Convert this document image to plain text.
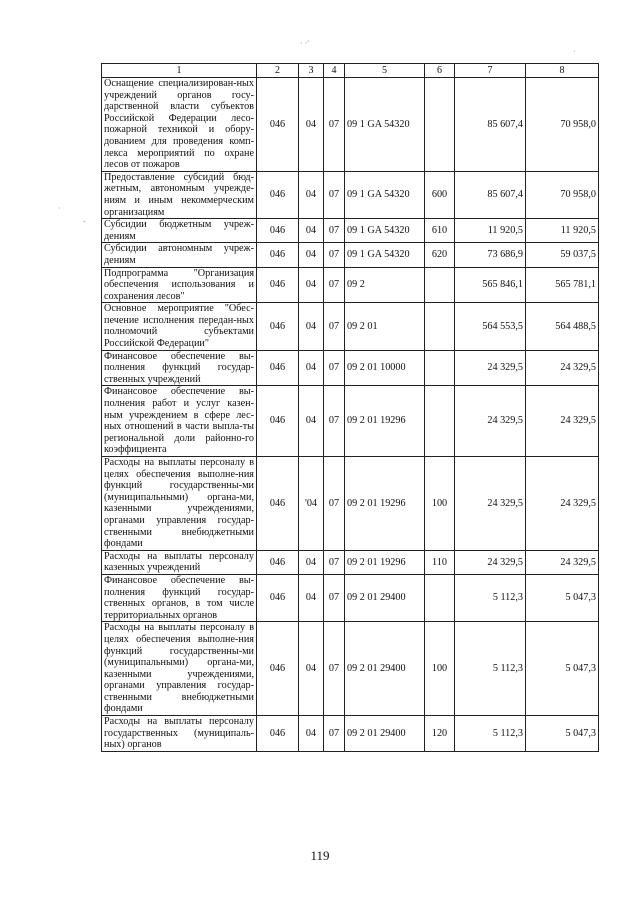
· ·'
·
·
-
1	2	3	4	5	6	7	8
Оснащение специализирован-ных учреждений органов госу-дарственной власти субъектов Российской Федерации лесо-пожарной техникой и обору-дованием для проведения комп-лекса мероприятий по охране лесов от пожаров	046	04	07	09 1 GA 54320		85 607,4	70 958,0
Предоставление субсидий бюд-жетным, автономным учрежде-ниям и иным некоммерческим организациям	046	04	07	09 1 GA 54320	600	85 607,4	70 958,0
Субсидии бюджетным учреж-дениям	046	04	07	09 1 GA 54320	610	11 920,5	11 920,5
Субсидии автономным учреж-дениям	046	04	07	09 1 GA 54320	620	73 686,9	59 037,5
Подпрограмма "Организация обеспечения использования и сохранения лесов"	046	04	07	09 2		565 846,1	565 781,1
Основное мероприятие "Обес-печение исполнения передан-ных полномочий субъектами Российской Федерации"	046	04	07	09 2 01		564 553,5	564 488,5
Финансовое обеспечение вы-полнения функций государ-ственных учреждений	046	04	07	09 2 01 10000		24 329,5	24 329,5
Финансовое обеспечение вы-полнения работ и услуг казен-ным учреждением в сфере лес-ных отношений в части выпла-ты региональной доли районно-го коэффициента	046	04	07	09 2 01 19296		24 329,5	24 329,5
Расходы на выплаты персоналу в целях обеспечения выполне-ния функций государственны-ми (муниципальными) органа-ми, казенными учреждениями, органами управления государ-ственными внебюджетными фондами	046	'04	07	09 2 01 19296	100	24 329,5	24 329,5
Расходы на выплаты персоналу казенных учреждений	046	04	07	09 2 01 19296	110	24 329,5	24 329,5
Финансовое обеспечение вы-полнения функций государ-ственных органов, в том числе территориальных органов	046	04	07	09 2 01 29400		5 112,3	5 047,3
Расходы на выплаты персоналу в целях обеспечения выполне-ния функций государственны-ми (муниципальными) органа-ми, казенными учреждениями, органами управления государ-ственными внебюджетными фондами	046	04	07	09 2 01 29400	100	5 112,3	5 047,3
Расходы на выплаты персоналу государственных (муниципаль-ных) органов	046	04	07	09 2 01 29400	120	5 112,3	5 047,3
119
